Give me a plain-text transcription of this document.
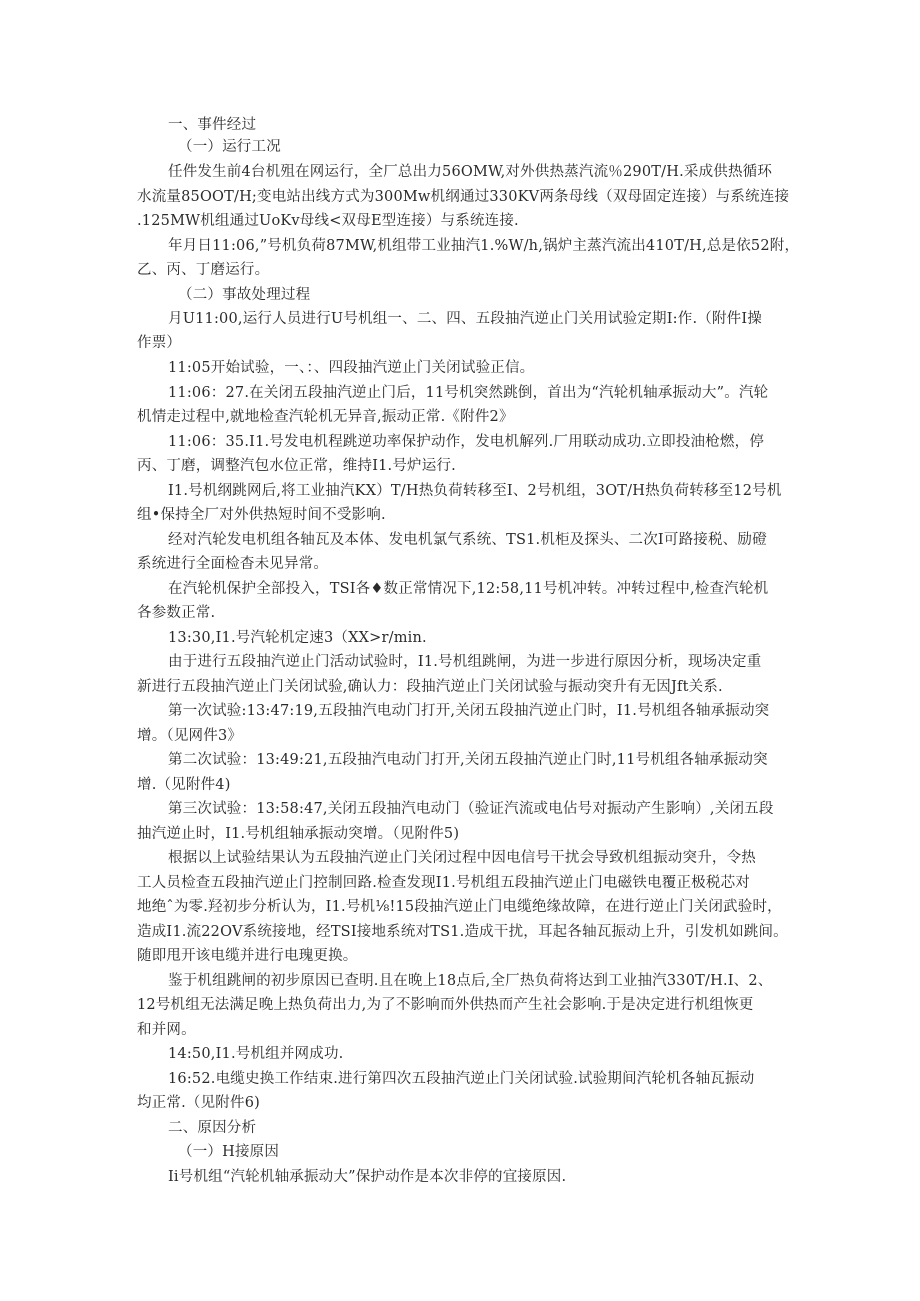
一、事件经过
（一）运行工况
任件发生前4台机殂在网运行，全厂总出力56OMW,对外供热蒸汽流％290T/H.采成供热循环
水流量85OOT/H;变电站出线方式为300Mw机纲通过330KV两条母线（双母固定连接）与系统连接
.125MW机组通过UoKv母线<双母E型连接）与系统连接.
年月日11:06,”号机负荷87MW,机组带工业抽汽1.%W/h,锅炉主蒸汽流出410T/H,总是依52附，
乙、丙、丁磨运行。
（二）事故处理过程
月U11:00,运行人员进行U号机组一、二、四、五段抽汽逆止门关用试验定期I:作.（附件I操
作票）
11:05开始试验，一、：、四段抽汽逆止门关闭试验正信。
11:06：27.在关闭五段抽汽逆止门后，11号机突然跳倒，首出为“汽轮机轴承振动大”。汽轮
机情走过程中,就地检查汽轮机无异音,振动正常.《附件2》
11:06：35.I1.号发电机程跳逆功率保护动作，发电机解列.厂用联动成功.立即投油枪燃，停
丙、丁磨，调整汽包水位正常，维持I1.号炉运行.
I1.号机纲跳网后,将工业抽汽KX）T/H热负荷转移至I、2号机组，3OT/H热负荷转移至12号机
组•保持全厂对外供热短时间不受影响.
经对汽轮发电机组各轴瓦及本体、发电机氯气系统、TS1.机柜及探头、二次I可路接税、励磴
系统进行全面检杳未见异常。
在汽轮机保护全部投入，TSI各♦数正常情况下,12:58,11号机冲转。冲转过程中,检查汽轮机
各参数正常.
13:30,I1.号汽轮机定速3（XX>r/min.
由于进行五段抽汽逆止门活动试验时，I1.号机组跳闸，为进一步进行原因分析，现场决定重
新进行五段抽汽逆止门关闭试验,确认力：段抽汽逆止门关闭试验与振动突升有无因Jft关系.
第一次试验:13:47:19,五段抽汽电动门打开,关闭五段抽汽逆止门时，I1.号机组各轴承振动突
增。（见网件3》
第二次试验：13:49:21,五段抽汽电动门打开,关闭五段抽汽逆止门时,11号机组各轴承振动突
增.（见附件4)
第三次试验：13:58:47,关闭五段抽汽电动门（验证汽流或电佔号对振动产生影响）,关闭五段
抽汽逆止时，I1.号机组轴承振动突增。（见附件5)
根据以上试验结果认为五段抽汽逆止门关闭过程中因电信号干扰会导致机组振动突升，令热
工人员检查五段抽汽逆止门控制回路.检查发现I1.号机组五段抽汽逆止门电磁铁电覆正极税芯对
地绝ˆ为零.羟初步分析认为，I1.号机⅛!15段抽汽逆止门电缆绝缘故障，在进行逆止门关闭武验时，
造成I1.流22OV系统接地，经TSI接地系统对TS1.造成干扰，耳起各轴瓦振动上升，引发机如跳间。
随即甩开该电缆并进行电瑰更换。
鉴于机组跳闸的初步原因已查明.且在晚上18点后,全厂热负荷将达到工业抽汽330T/H.I、2、
12号机组无法满足晚上热负荷出力,为了不影响而外供热而产生社会影响.于是决定进行机组恢更
和并网。
14:50,I1.号机组并网成功.
16:52.电缆史换工作结束.进行第四次五段抽汽逆止门关闭试验.试验期间汽轮机各轴瓦振动
均正常.（见附件6)
二、原因分析
（一）H接原因
Ii号机组“汽轮机轴承振动大”保护动作是本次非停的宜接原因.
